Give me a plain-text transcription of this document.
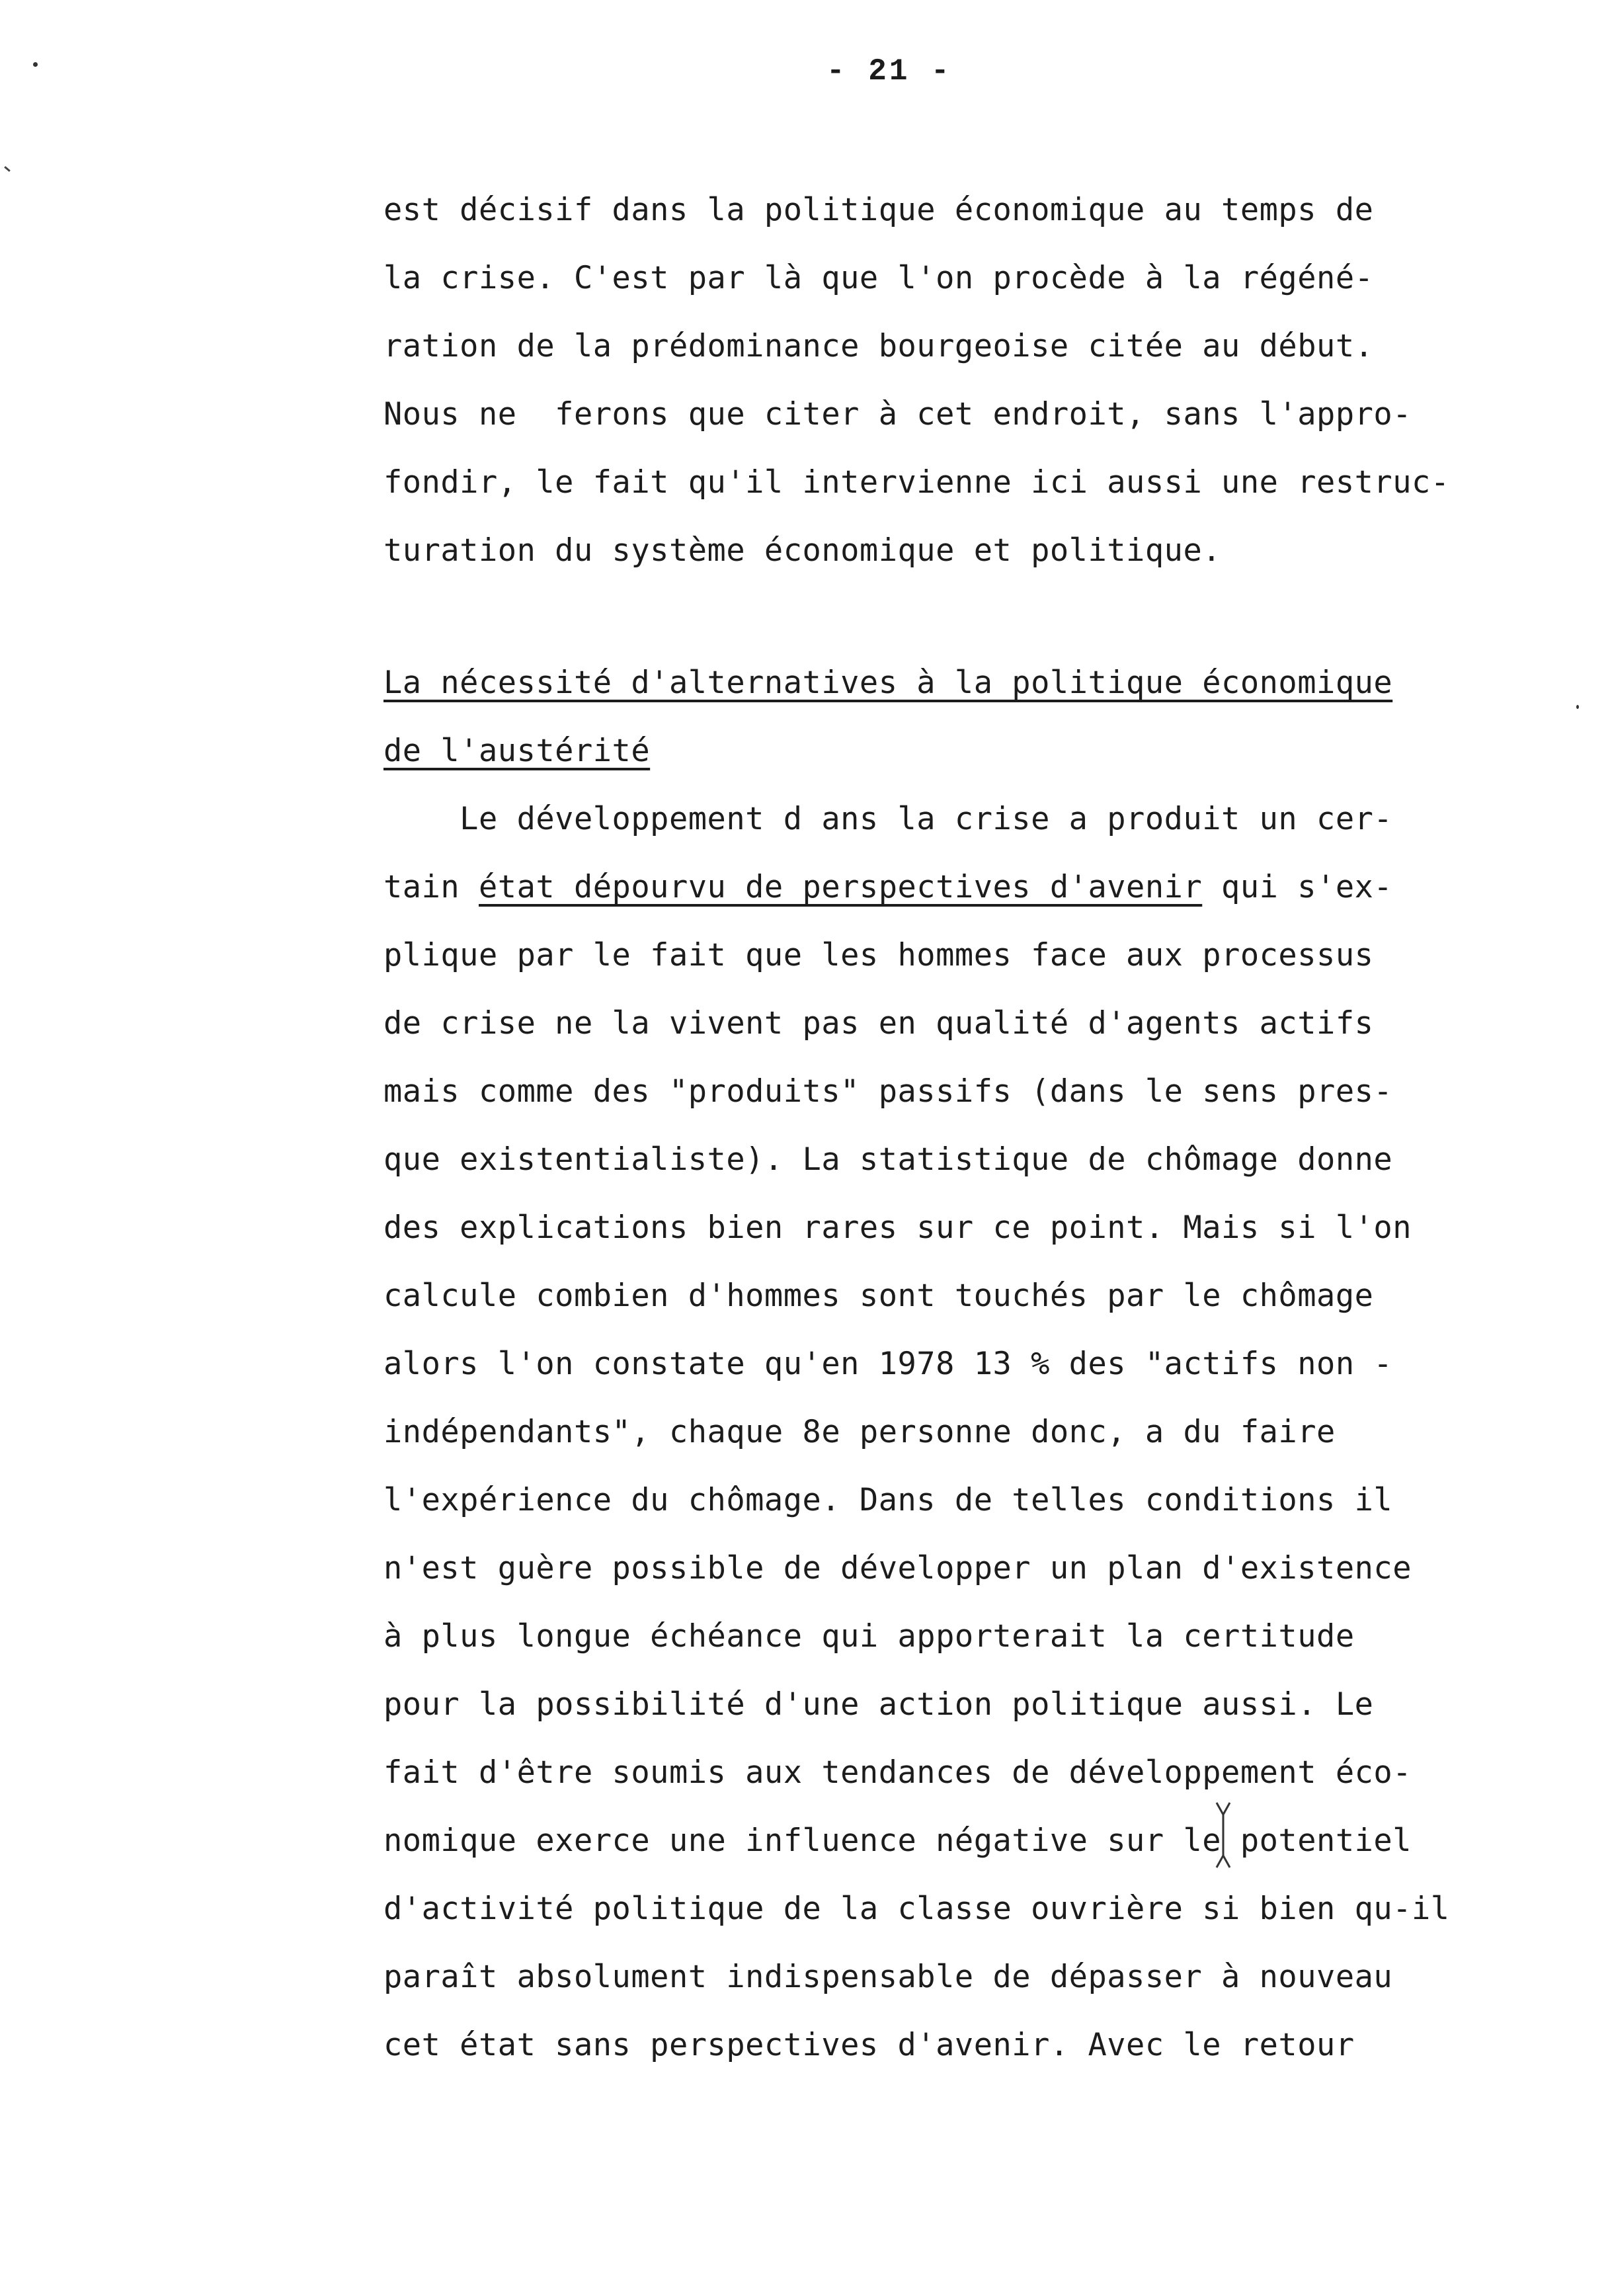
- 21 -
est décisif dans la politique économique au temps de
la crise. C'est par là que l'on procède à la régéné-
ration de la prédominance bourgeoise citée au début.
Nous ne  ferons que citer à cet endroit, sans l'appro-
fondir, le fait qu'il intervienne ici aussi une restruc-
turation du système économique et politique.
La nécessité d'alternatives à la politique économique
de l'austérité
Le développement d ans la crise a produit un cer-
tain état dépourvu de perspectives d'avenir qui s'ex-
plique par le fait que les hommes face aux processus
de crise ne la vivent pas en qualité d'agents actifs
mais comme des "produits" passifs (dans le sens pres-
que existentialiste). La statistique de chômage donne
des explications bien rares sur ce point. Mais si l'on
calcule combien d'hommes sont touchés par le chômage
alors l'on constate qu'en 1978 13 % des "actifs non -
indépendants", chaque 8e personne donc, a du faire
l'expérience du chômage. Dans de telles conditions il
n'est guère possible de développer un plan d'existence
à plus longue échéance qui apporterait la certitude
pour la possibilité d'une action politique aussi. Le
fait d'être soumis aux tendances de développement éco-
nomique exerce une influence négative sur le potentiel
d'activité politique de la classe ouvrière si bien qu-il
paraît absolument indispensable de dépasser à nouveau
cet état sans perspectives d'avenir. Avec le retour
